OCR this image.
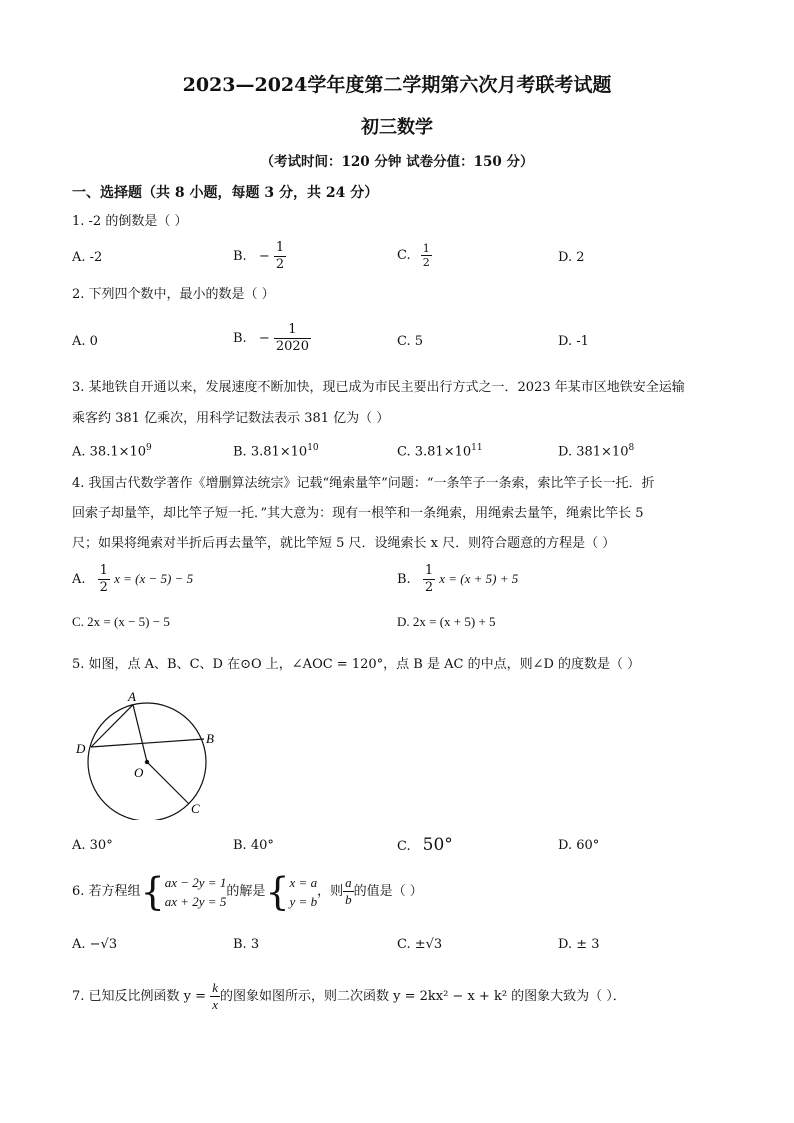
2023—2024学年度第二学期第六次月考联考试题
初三数学
（考试时间：120 分钟 试卷分值：150 分）
一、选择题（共 8 小题，每题 3 分，共 24 分）
1. -2 的倒数是（ ）
A. -2	B. − $\frac{1}{2}$	C. $\frac{1}{2}$	D. 2
2. 下列四个数中，最小的数是（ ）
A. 0	B. − $\frac{1}{2020}$	C. 5	D. -1
3. 某地铁自开通以来，发展速度不断加快，现已成为市民主要出行方式之一．2023 年某市区地铁安全运输
乘客约 381 亿乘次，用科学记数法表示 381 亿为（ ）
A. $38.1\times 10^9$	B. $3.81\times 10^{10}$	C. $3.81\times 10^{11}$	D. $381\times 10^8$
4. 我国古代数学著作《增删算法统宗》记载“绳索量竿”问题：“一条竿子一条索，索比竿子长一托．折
回索子却量竿，却比竿子短一托．”其大意为：现有一根竿和一条绳索，用绳索去量竿，绳索比竿长 5
尺；如果将绳索对半折后再去量竿，就比竿短 5 尺．设绳索长 x 尺．则符合题意的方程是（ ）
A. $\frac{1}{2}$ x = (x − 5) − 5	B. $\frac{1}{2}$ x = (x + 5) + 5
C. 2x = (x − 5) − 5	D. 2x = (x + 5) + 5
5. 如图，点 A、B、C、D 在⊙O 上，∠AOC = 120°，点 B 是 AC 的中点，则∠D 的度数是（ ）
A
B
C
D
O
A. 30°	B. 40°	C. 50°	D. 60°
6. 若方程组{ ax − 2y = 1
ax + 2y = 5
的解是{ x = a
y = b
，则 $\frac{a}{b}$ 的值是（ ）
A. −√3	B. 3	C. ±√3	D. ± 3
7. 已知反比例函数 $y = \frac{k}{x}$ 的图象如图所示，则二次函数 y = 2kx² − x + k² 的图象大致为（ ）．
